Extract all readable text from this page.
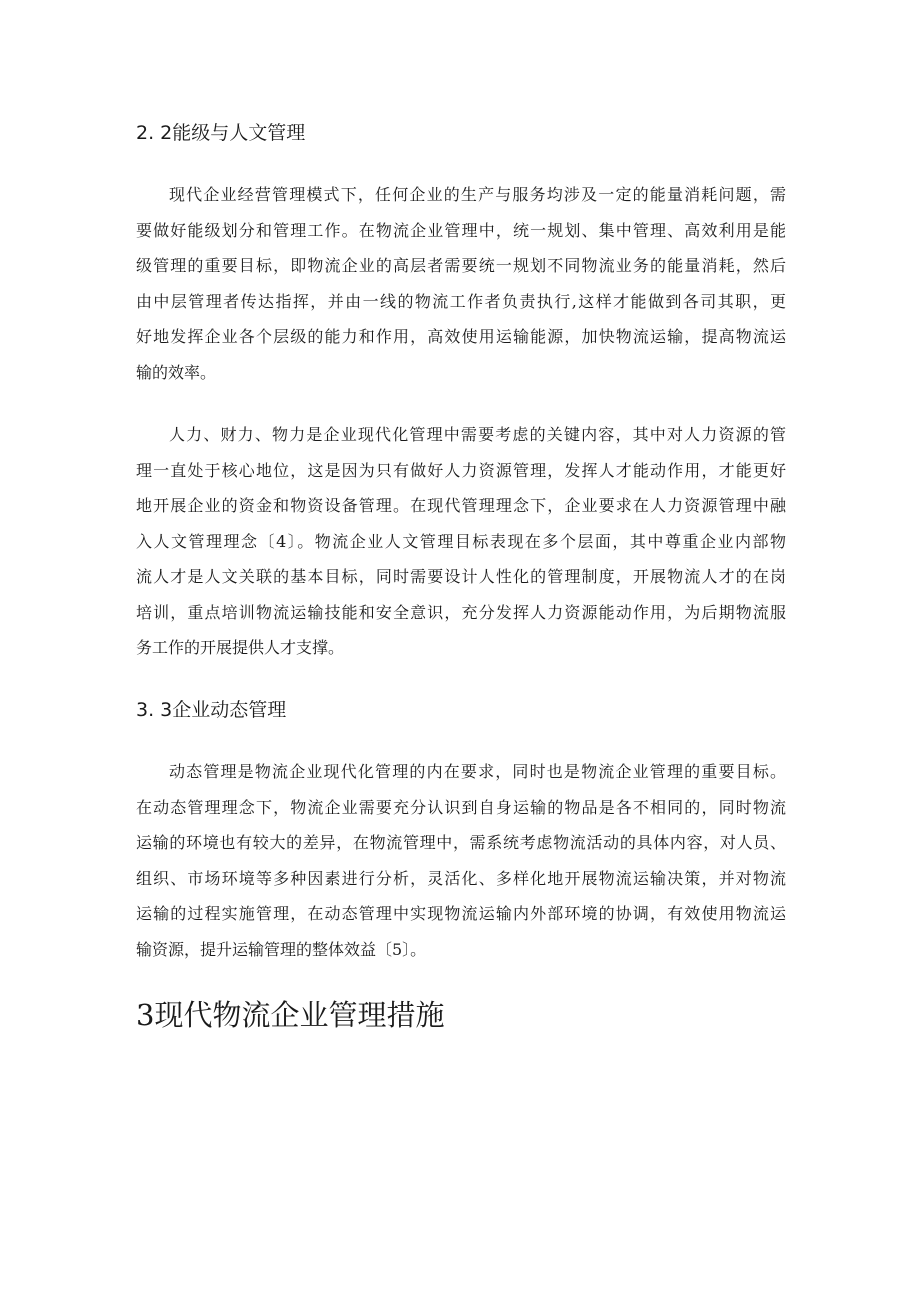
2. 2能级与人文管理
现代企业经营管理模式下，任何企业的生产与服务均涉及一定的能量消耗问题，需
要做好能级划分和管理工作。在物流企业管理中，统一规划、集中管理、高效利用是能
级管理的重要目标，即物流企业的高层者需要统一规划不同物流业务的能量消耗，然后
由中层管理者传达指挥，并由一线的物流工作者负责执行,这样才能做到各司其职，更
好地发挥企业各个层级的能力和作用，高效使用运输能源，加快物流运输，提高物流运
输的效率。
人力、财力、物力是企业现代化管理中需要考虑的关键内容，其中对人力资源的管
理一直处于核心地位，这是因为只有做好人力资源管理，发挥人才能动作用，才能更好
地开展企业的资金和物资设备管理。在现代管理理念下，企业要求在人力资源管理中融
入人文管理理念〔4〕。物流企业人文管理目标表现在多个层面，其中尊重企业内部物
流人才是人文关联的基本目标，同时需要设计人性化的管理制度，开展物流人才的在岗
培训，重点培训物流运输技能和安全意识，充分发挥人力资源能动作用，为后期物流服
务工作的开展提供人才支撑。
3. 3企业动态管理
动态管理是物流企业现代化管理的内在要求，同时也是物流企业管理的重要目标。
在动态管理理念下，物流企业需要充分认识到自身运输的物品是各不相同的，同时物流
运输的环境也有较大的差异，在物流管理中，需系统考虑物流活动的具体内容，对人员、
组织、市场环境等多种因素进行分析，灵活化、多样化地开展物流运输决策，并对物流
运输的过程实施管理，在动态管理中实现物流运输内外部环境的协调，有效使用物流运
输资源，提升运输管理的整体效益〔5〕。
3现代物流企业管理措施
